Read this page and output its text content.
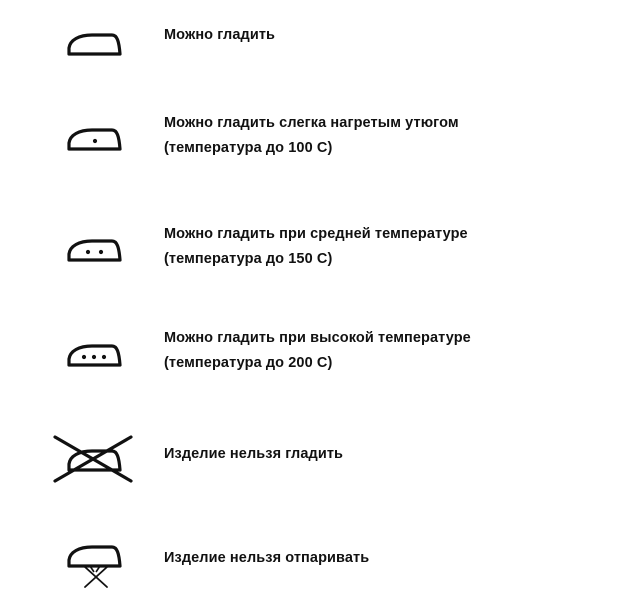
Можно гладить
Можно гладить слегка нагретым утюгом
(температура до 100 С)
Можно гладить при средней температуре
(температура до 150 С)
Можно гладить при высокой температуре
(температура до 200 С)
Изделие нельзя гладить
Изделие нельзя отпаривать
